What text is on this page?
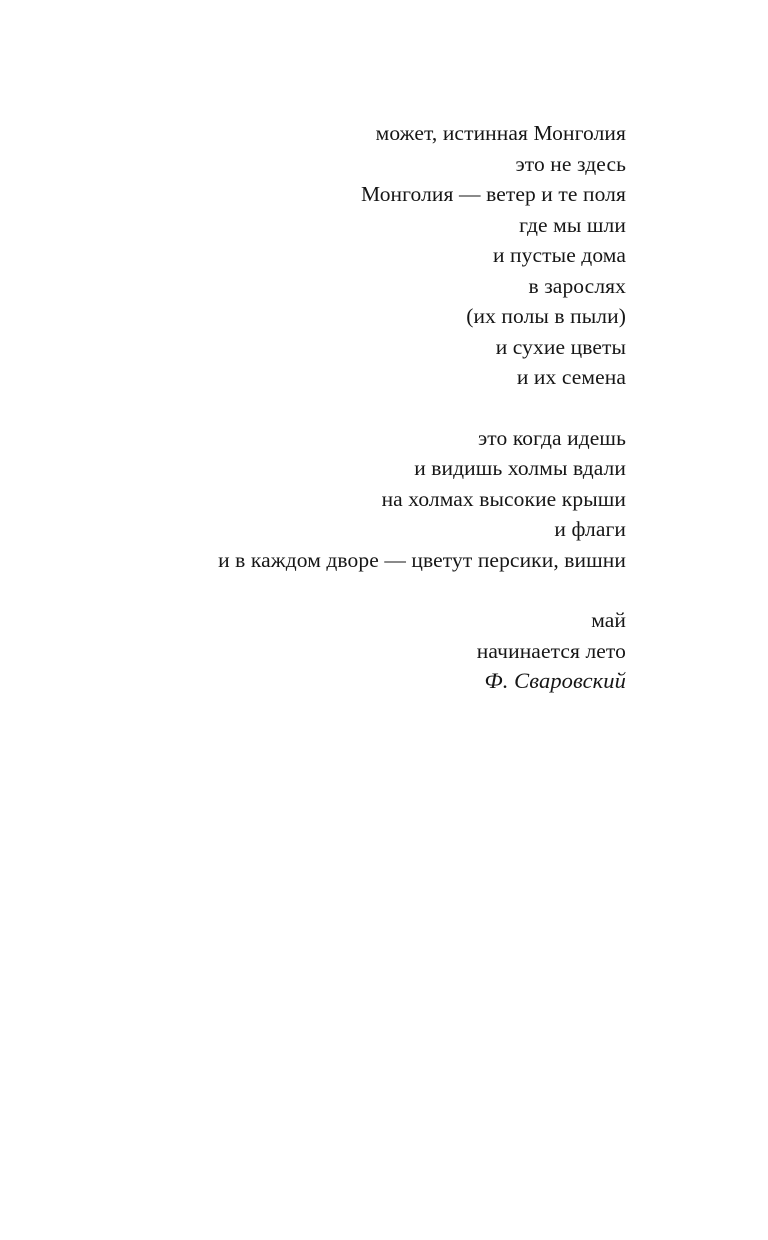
может, истинная Монголия
это не здесь
Монголия — ветер и те поля
где мы шли
и пустые дома
в зарослях
(их полы в пыли)
и сухие цветы
и их семена
это когда идешь
и видишь холмы вдали
на холмах высокие крыши
и флаги
и в каждом дворе — цветут персики, вишни
май
начинается лето
Ф. Сваровский
